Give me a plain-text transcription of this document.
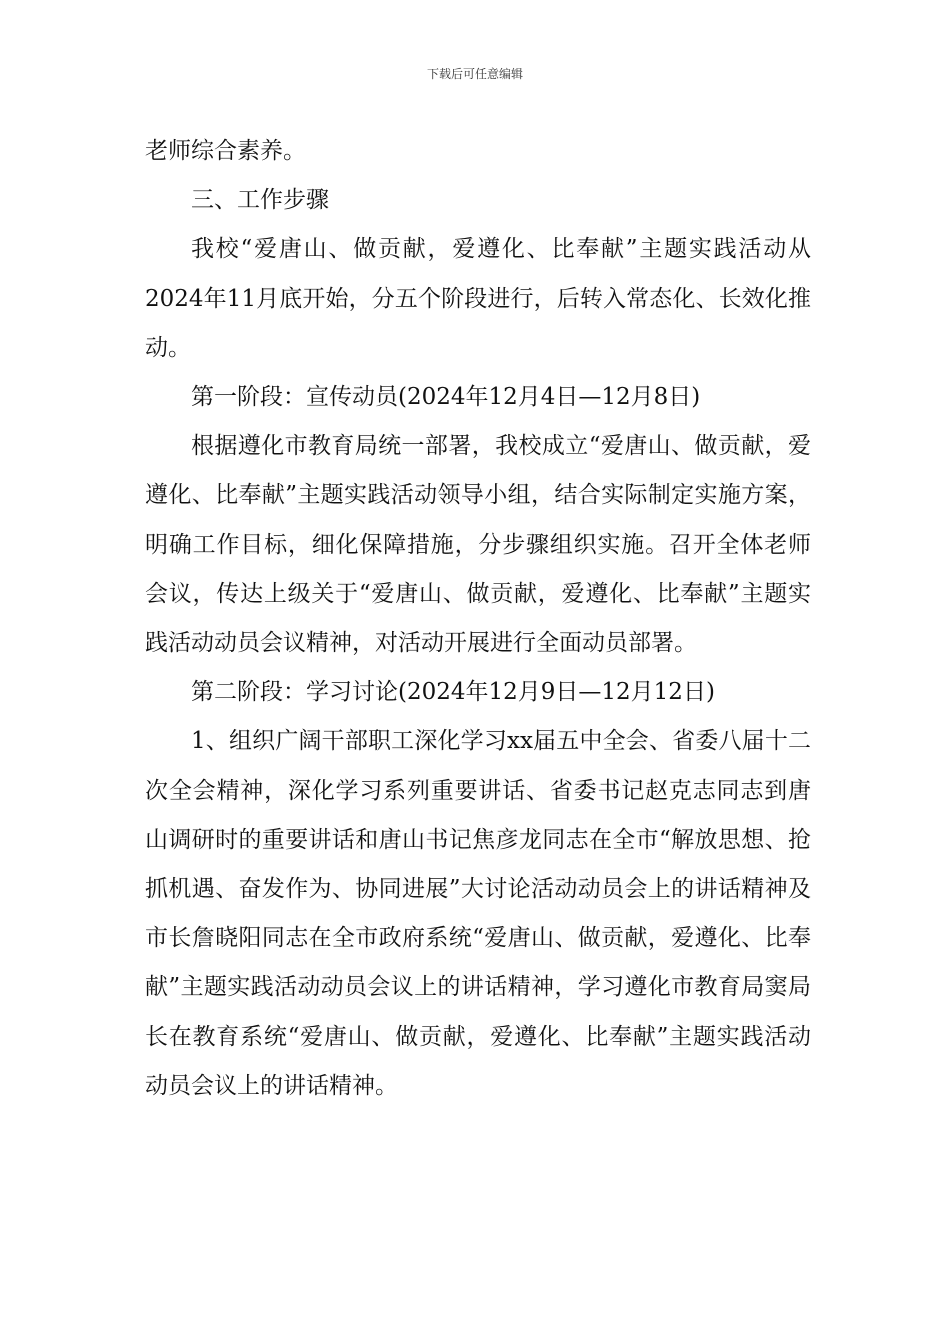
下载后可任意编辑

老师综合素养。

三、工作步骤

我校“爱唐山、做贡献，爱遵化、比奉献”主题实践活动从2024年11月底开始，分五个阶段进行，后转入常态化、长效化推动。

第一阶段：宣传动员(2024年12月4日—12月8日)

根据遵化市教育局统一部署，我校成立“爱唐山、做贡献，爱遵化、比奉献”主题实践活动领导小组，结合实际制定实施方案，明确工作目标，细化保障措施，分步骤组织实施。召开全体老师会议，传达上级关于“爱唐山、做贡献，爱遵化、比奉献”主题实践活动动员会议精神，对活动开展进行全面动员部署。

第二阶段：学习讨论(2024年12月9日—12月12日)

1、组织广阔干部职工深化学习xx届五中全会、省委八届十二次全会精神，深化学习系列重要讲话、省委书记赵克志同志到唐山调研时的重要讲话和唐山书记焦彦龙同志在全市“解放思想、抢抓机遇、奋发作为、协同进展”大讨论活动动员会上的讲话精神及市长詹晓阳同志在全市政府系统“爱唐山、做贡献，爱遵化、比奉献”主题实践活动动员会议上的讲话精神，学习遵化市教育局窦局长在教育系统“爱唐山、做贡献，爱遵化、比奉献”主题实践活动动员会议上的讲话精神。
